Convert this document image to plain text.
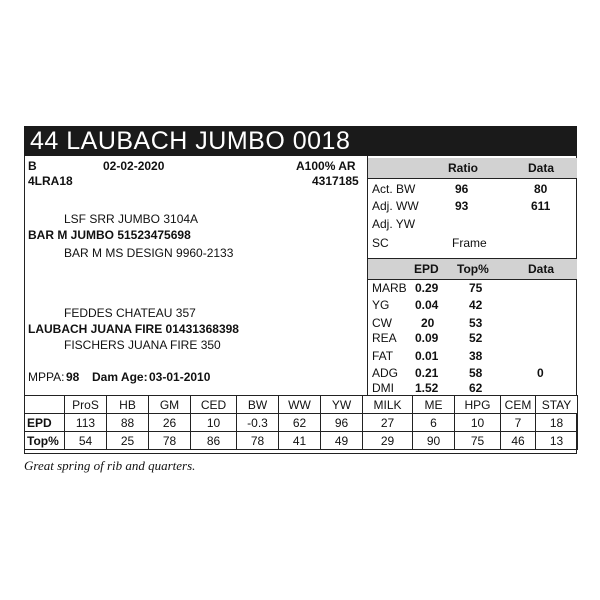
44 LAUBACH JUMBO 0018
B	02-02-2020	A100% AR
4LRA18	4317185
LSF SRR JUMBO 3104A
BAR M JUMBO 51523475698
BAR M MS DESIGN 9960-2133
FEDDES CHATEAU 357
LAUBACH JUANA FIRE 01431368398
FISCHERS JUANA FIRE 350
MPPA: 98 Dam Age: 03-01-2010
Ratio	Data
Act. BW	96	80
Adj. WW	93	611
Adj. YW
SC	Frame
EPD Top%	Data
MARB 0.29	75
YG 0.04	42
CW 20	53
REA 0.09	52
FAT 0.01	38
ADG 0.21	58	0
DMI 1.52	62
	ProS	HB	GM	CED	BW	WW	YW	MILK	ME	HPG	CEM	STAY
EPD	113	88	26	10	-0.3	62	96	27	6	10	7	18
Top%	54	25	78	86	78	41	49	29	90	75	46	13
Great spring of rib and quarters.
